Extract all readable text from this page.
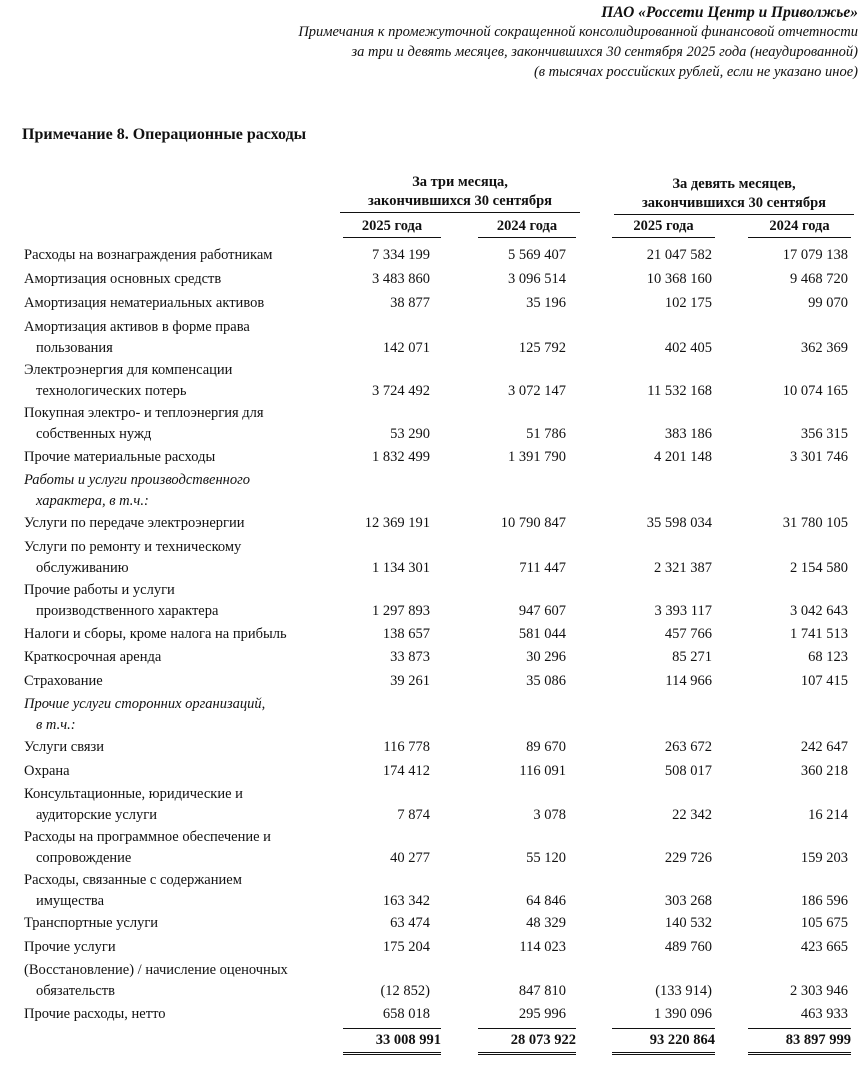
ПАО «Россети Центр и Приволжье»
Примечания к промежуточной сокращенной консолидированной финансовой отчетности
за три и девять месяцев, закончившихся 30 сентября 2025 года (неаудированной)
(в тысячах российских рублей, если не указано иное)
Примечание 8. Операционные расходы
За три месяца,

закончившихся 30 сентября
За девять месяцев,

закончившихся 30 сентября
2025 года	2024 года	2025 года	2024 года
Расходы на вознаграждения работникам	7 334 199	5 569 407	21 047 582	17 079 138
Амортизация основных средств	3 483 860	3 096 514	10 368 160	9 468 720
Амортизация нематериальных активов	38 877	35 196	102 175	99 070
Амортизация активов в форме права
пользования	142 071	125 792	402 405	362 369
Электроэнергия для компенсации
технологических потерь	3 724 492	3 072 147	11 532 168	10 074 165
Покупная электро- и теплоэнергия для
собственных нужд	53 290	51 786	383 186	356 315
Прочие материальные расходы	1 832 499	1 391 790	4 201 148	3 301 746
Работы и услуги производственного
характера, в т.ч.:
Услуги по передаче электроэнергии	12 369 191	10 790 847	35 598 034	31 780 105
Услуги по ремонту и техническому
обслуживанию	1 134 301	711 447	2 321 387	2 154 580
Прочие работы и услуги
производственного характера	1 297 893	947 607	3 393 117	3 042 643
Налоги и сборы, кроме налога на прибыль	138 657	581 044	457 766	1 741 513
Краткосрочная аренда	33 873	30 296	85 271	68 123
Страхование	39 261	35 086	114 966	107 415
Прочие услуги сторонних организаций,
в т.ч.:
Услуги связи	116 778	89 670	263 672	242 647
Охрана	174 412	116 091	508 017	360 218
Консультационные, юридические и
аудиторские услуги	7 874	3 078	22 342	16 214
Расходы на программное обеспечение и
сопровождение	40 277	55 120	229 726	159 203
Расходы, связанные с содержанием
имущества	163 342	64 846	303 268	186 596
Транспортные услуги	63 474	48 329	140 532	105 675
Прочие услуги	175 204	114 023	489 760	423 665
(Восстановление) / начисление оценочных
обязательств	(12 852)	847 810	(133 914)	2 303 946
Прочие расходы, нетто	658 018	295 996	1 390 096	463 933
33 008 991	28 073 922	93 220 864	83 897 999
